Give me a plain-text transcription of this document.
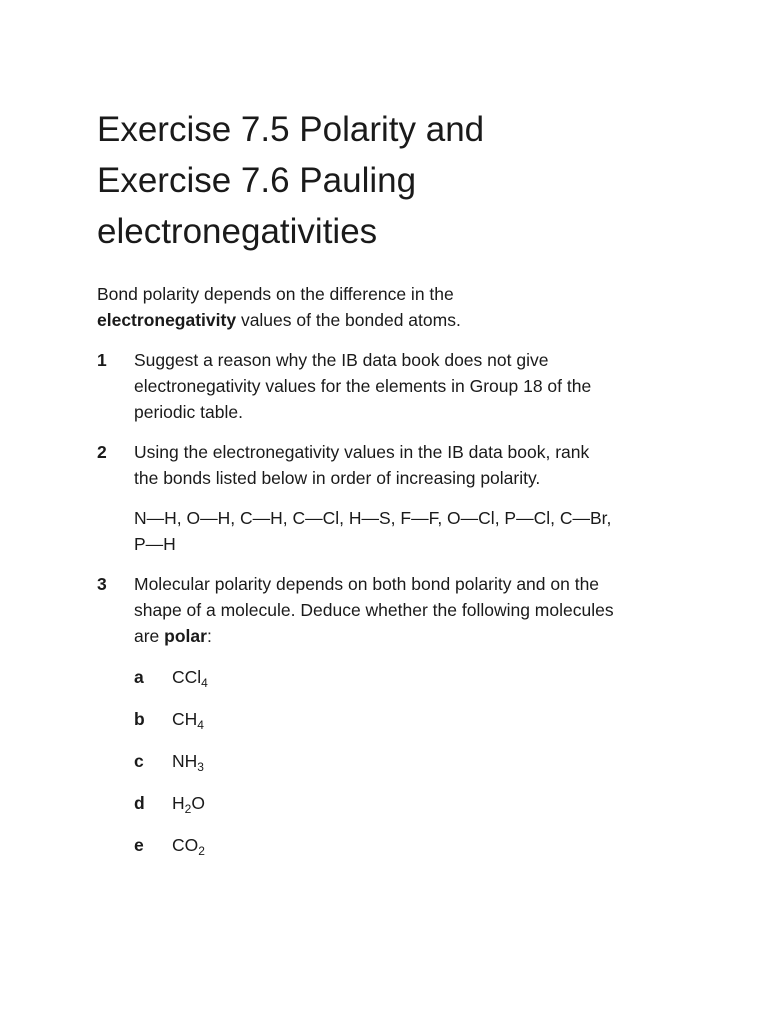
Exercise 7.5 Polarity and
Exercise 7.6 Pauling
electronegativities

Bond polarity depends on the difference in the
electronegativity values of the bonded atoms.

1 Suggest a reason why the IB data book does not give electronegativity values for the elements in Group 18 of the periodic table.
2 Using the electronegativity values in the IB data book, rank the bonds listed below in order of increasing polarity.
N—H, O—H, C—H, C—Cl, H—S, F—F, O—Cl, P—Cl, C—Br, P—H
3 Molecular polarity depends on both bond polarity and on the shape of a molecule. Deduce whether the following molecules are polar:
a CCl$_4$
b $CH_4$
c $NH_3$
d $H_2O$
e $CO_2$
